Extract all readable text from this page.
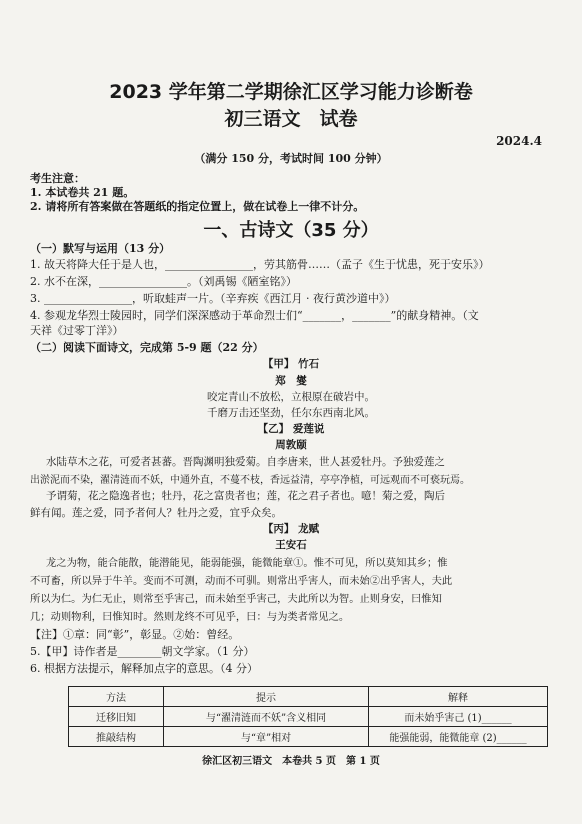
2023 学年第二学期徐汇区学习能力诊断卷
初三语文　试卷
2024.4
（满分 150 分，考试时间 100 分钟）
考生注意：
1. 本试卷共 21 题。
2. 请将所有答案做在答题纸的指定位置上，做在试卷上一律不计分。
一、古诗文（35 分）
（一）默写与运用（13 分）
1. 故天将降大任于是人也，________________，劳其筋骨……（孟子《生于忧患，死于安乐》）
2. 水不在深，________________。（刘禹锡《陋室铭》）
3. ________________，听取蛙声一片。（辛弃疾《西江月 · 夜行黄沙道中》）
4. 参观龙华烈士陵园时，同学们深深感动于革命烈士们“_______，_______”的献身精神。（文
天祥《过零丁洋》）
（二）阅读下面诗文，完成第 5-9 题（22 分）
【甲】 竹石
郑　燮
咬定青山不放松，立根原在破岩中。
千磨万击还坚劲，任尔东西南北风。
【乙】 爱莲说
周敦颐
水陆草木之花，可爱者甚蕃。晋陶渊明独爱菊。自李唐来，世人甚爱牡丹。予独爱莲之
出淤泥而不染，濯清涟而不妖，中通外直，不蔓不枝，香远益清，亭亭净植，可远观而不可亵玩焉。
予谓菊，花之隐逸者也；牡丹，花之富贵者也；莲，花之君子者也。噫！菊之爱，陶后
鲜有闻。莲之爱，同予者何人？牡丹之爱，宜乎众矣。
【丙】 龙赋
王安石
龙之为物，能合能散，能潜能见，能弱能强，能微能章①。惟不可见，所以莫知其乡；惟
不可畜，所以异于牛羊。变而不可测，动而不可驯。则常出乎害人，而未始②出乎害人，夫此
所以为仁。为仁无止，则常至乎害己，而未始至乎害己，夫此所以为智。止则身安，曰惟知
几；动则物利，曰惟知时。然则龙终不可见乎，曰：与为类者常见之。
【注】①章：同“彰”，彰显。②始：曾经。
5.【甲】诗作者是________朝文学家。（1 分）
6. 根据方法提示，解释加点字的意思。（4 分）
方法	提示	解释
迁移旧知	与“濯清涟而不妖”含义相同	而未始乎害己 (1)______
推敲结构	与“章”相对	能强能弱，能微能章 (2)______
徐汇区初三语文　本卷共 5 页　第 1 页
